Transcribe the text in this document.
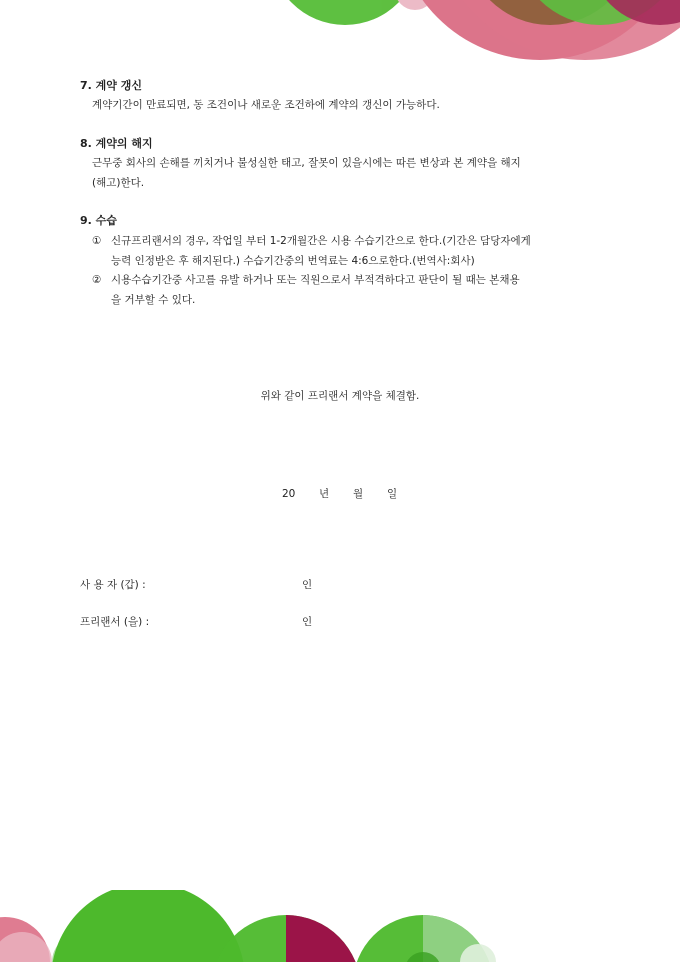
7. 계약 갱신

계약기간이 만료되면, 동 조건이나 새로운 조건하에 계약의 갱신이 가능하다.

8. 계약의 해지

근무중 회사의 손해를 끼치거나 불성실한 태고, 잘못이 있을시에는 따른 변상과 본 계약을 해지

(해고)한다.

9. 수습
① 신규프리랜서의 경우, 작업일 부터 1-2개월간은 시용 수습기간으로 한다.(기간은 담당자에게
능력 인정받은 후 해지된다.) 수습기간중의 번역료는 4:6으로한다.(번역사:회사)
② 시용수습기간중 사고를 유발 하거나 또는 직원으로서 부적격하다고 판단이 될 때는 본채용
을 거부할 수 있다.

위와 같이 프리랜서 계약을 체결함.

20 년 월 일
사 용 자 (갑) :	인
프리랜서 (을) :	인
